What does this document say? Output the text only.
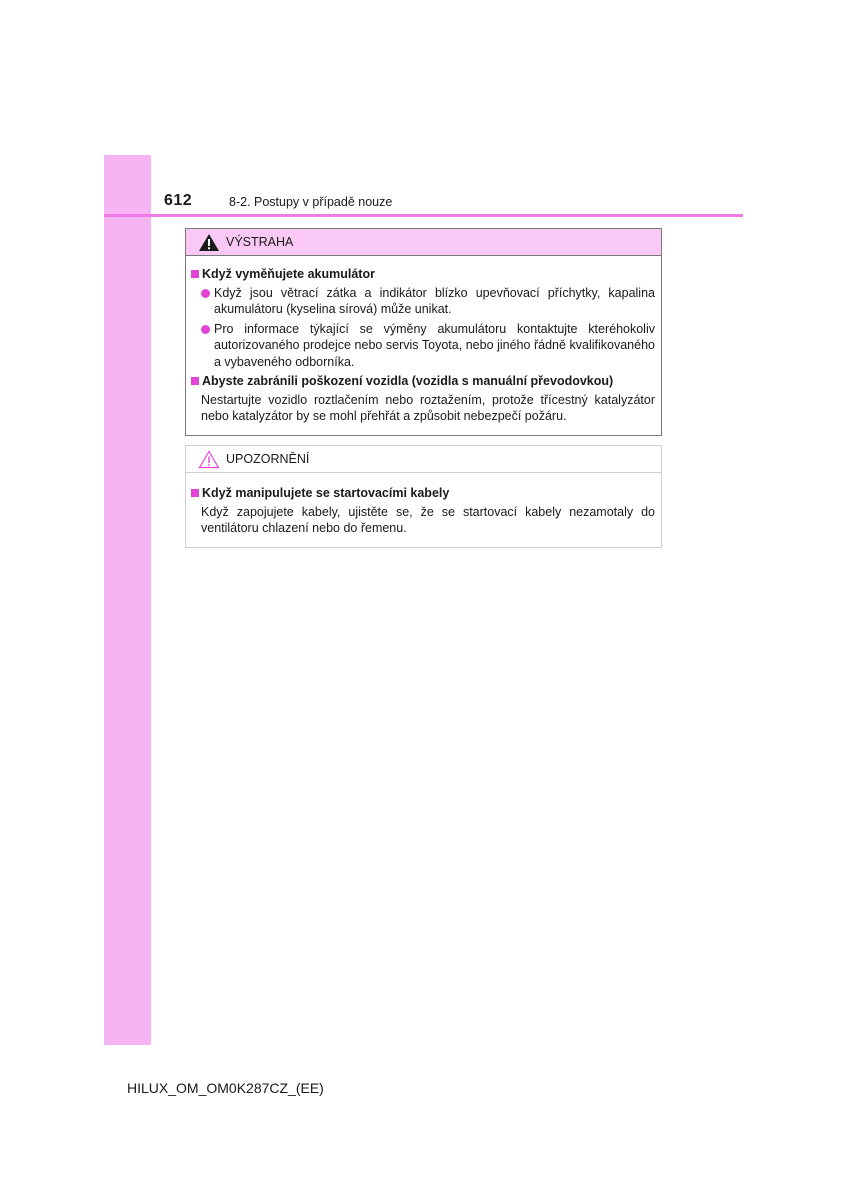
612	8-2. Postupy v případě nouze
VÝSTRAHA
Když vyměňujete akumulátor
Když jsou větrací zátka a indikátor blízko upevňovací příchytky, kapalina akumulátoru (kyselina sírová) může unikat.
Pro informace týkající se výměny akumulátoru kontaktujte kteréhokoliv autorizovaného prodejce nebo servis Toyota, nebo jiného řádně kvalifikovaného a vybaveného odborníka.
Abyste zabránili poškození vozidla (vozidla s manuální převodovkou)
Nestartujte vozidlo roztlačením nebo roztažením, protože třícestný katalyzátor nebo katalyzátor by se mohl přehřát a způsobit nebezpečí požáru.
UPOZORNĚNÍ
Když manipulujete se startovacími kabely
Když zapojujete kabely, ujistěte se, že se startovací kabely nezamotaly do ventilátoru chlazení nebo do řemenu.
HILUX_OM_OM0K287CZ_(EE)
